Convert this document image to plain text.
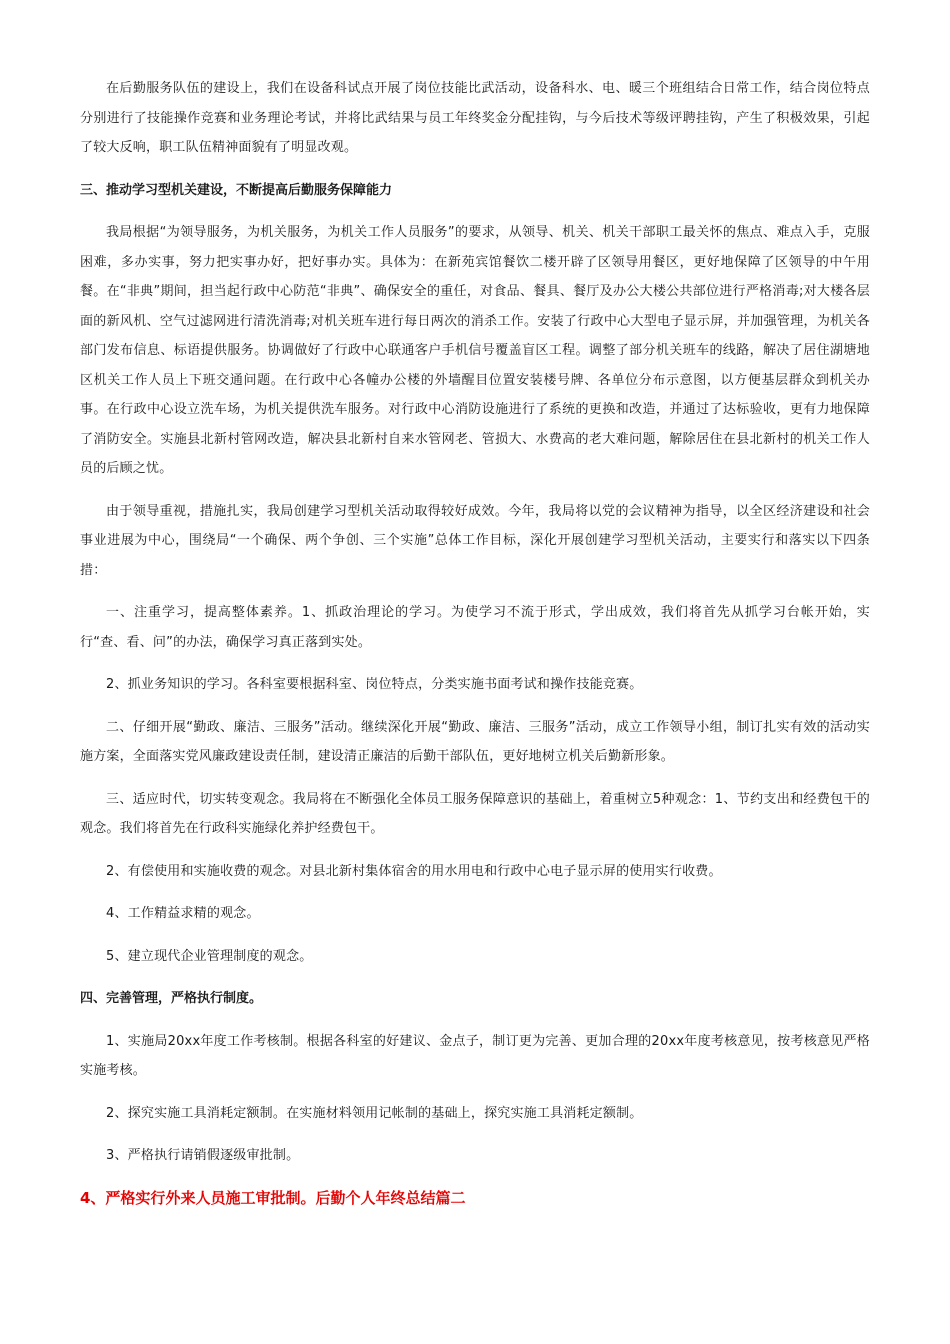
在后勤服务队伍的建设上，我们在设备科试点开展了岗位技能比武活动，设备科水、电、暖三个班组结合日常工作，结合岗位特点分别进行了技能操作竞赛和业务理论考试，并将比武结果与员工年终奖金分配挂钩，与今后技术等级评聘挂钩，产生了积极效果，引起了较大反响，职工队伍精神面貌有了明显改观。

三、推动学习型机关建设，不断提高后勤服务保障能力

我局根据“为领导服务，为机关服务，为机关工作人员服务”的要求，从领导、机关、机关干部职工最关怀的焦点、难点入手，克服困难，多办实事，努力把实事办好，把好事办实。具体为：在新苑宾馆餐饮二楼开辟了区领导用餐区，更好地保障了区领导的中午用餐。在“非典”期间，担当起行政中心防范“非典”、确保安全的重任，对食品、餐具、餐厅及办公大楼公共部位进行严格消毒;对大楼各层面的新风机、空气过滤网进行清洗消毒;对机关班车进行每日两次的消杀工作。安装了行政中心大型电子显示屏，并加强管理，为机关各部门发布信息、标语提供服务。协调做好了行政中心联通客户手机信号覆盖盲区工程。调整了部分机关班车的线路，解决了居住湖塘地区机关工作人员上下班交通问题。在行政中心各幢办公楼的外墙醒目位置安装楼号牌、各单位分布示意图，以方便基层群众到机关办事。在行政中心设立洗车场，为机关提供洗车服务。对行政中心消防设施进行了系统的更换和改造，并通过了达标验收，更有力地保障了消防安全。实施县北新村管网改造，解决县北新村自来水管网老、管损大、水费高的老大难问题，解除居住在县北新村的机关工作人员的后顾之忧。

由于领导重视，措施扎实，我局创建学习型机关活动取得较好成效。今年，我局将以党的会议精神为指导，以全区经济建设和社会事业进展为中心，围绕局“一个确保、两个争创、三个实施”总体工作目标，深化开展创建学习型机关活动，主要实行和落实以下四条措：

一、注重学习，提高整体素养。1、抓政治理论的学习。为使学习不流于形式，学出成效，我们将首先从抓学习台帐开始，实行“查、看、问”的办法，确保学习真正落到实处。

2、抓业务知识的学习。各科室要根据科室、岗位特点，分类实施书面考试和操作技能竞赛。

二、仔细开展“勤政、廉洁、三服务”活动。继续深化开展“勤政、廉洁、三服务”活动，成立工作领导小组，制订扎实有效的活动实施方案，全面落实党风廉政建设责任制，建设清正廉洁的后勤干部队伍，更好地树立机关后勤新形象。

三、适应时代，切实转变观念。我局将在不断强化全体员工服务保障意识的基础上，着重树立5种观念：1、节约支出和经费包干的观念。我们将首先在行政科实施绿化养护经费包干。

2、有偿使用和实施收费的观念。对县北新村集体宿舍的用水用电和行政中心电子显示屏的使用实行收费。

4、工作精益求精的观念。

5、建立现代企业管理制度的观念。

四、完善管理，严格执行制度。

1、实施局20xx年度工作考核制。根据各科室的好建议、金点子，制订更为完善、更加合理的20xx年度考核意见，按考核意见严格实施考核。

2、探究实施工具消耗定额制。在实施材料领用记帐制的基础上，探究实施工具消耗定额制。

3、严格执行请销假逐级审批制。

4、严格实行外来人员施工审批制。后勤个人年终总结篇二
